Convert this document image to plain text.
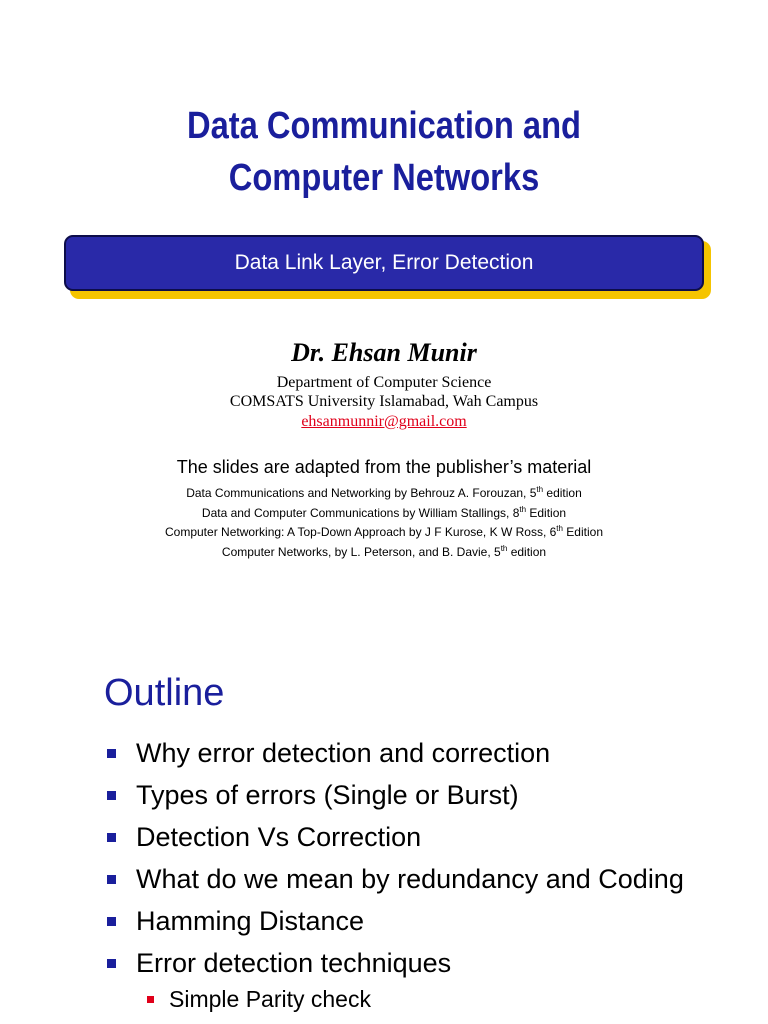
Data Communication and
Computer Networks
Data Link Layer, Error Detection
Dr. Ehsan Munir
Department of Computer Science
COMSATS University Islamabad, Wah Campus
ehsanmunnir@gmail.com
The slides are adapted from the publisher’s material
Data Communications and Networking by Behrouz A. Forouzan, 5th edition
Data and Computer Communications by William Stallings, 8th Edition
Computer Networking: A Top-Down Approach by J F Kurose, K W Ross, 6th Edition
Computer Networks, by L. Peterson, and B. Davie, 5th edition
Outline
Why error detection and correction
Types of errors (Single or Burst)
Detection Vs Correction
What do we mean by redundancy and Coding
Hamming Distance
Error detection techniques
Simple Parity check
